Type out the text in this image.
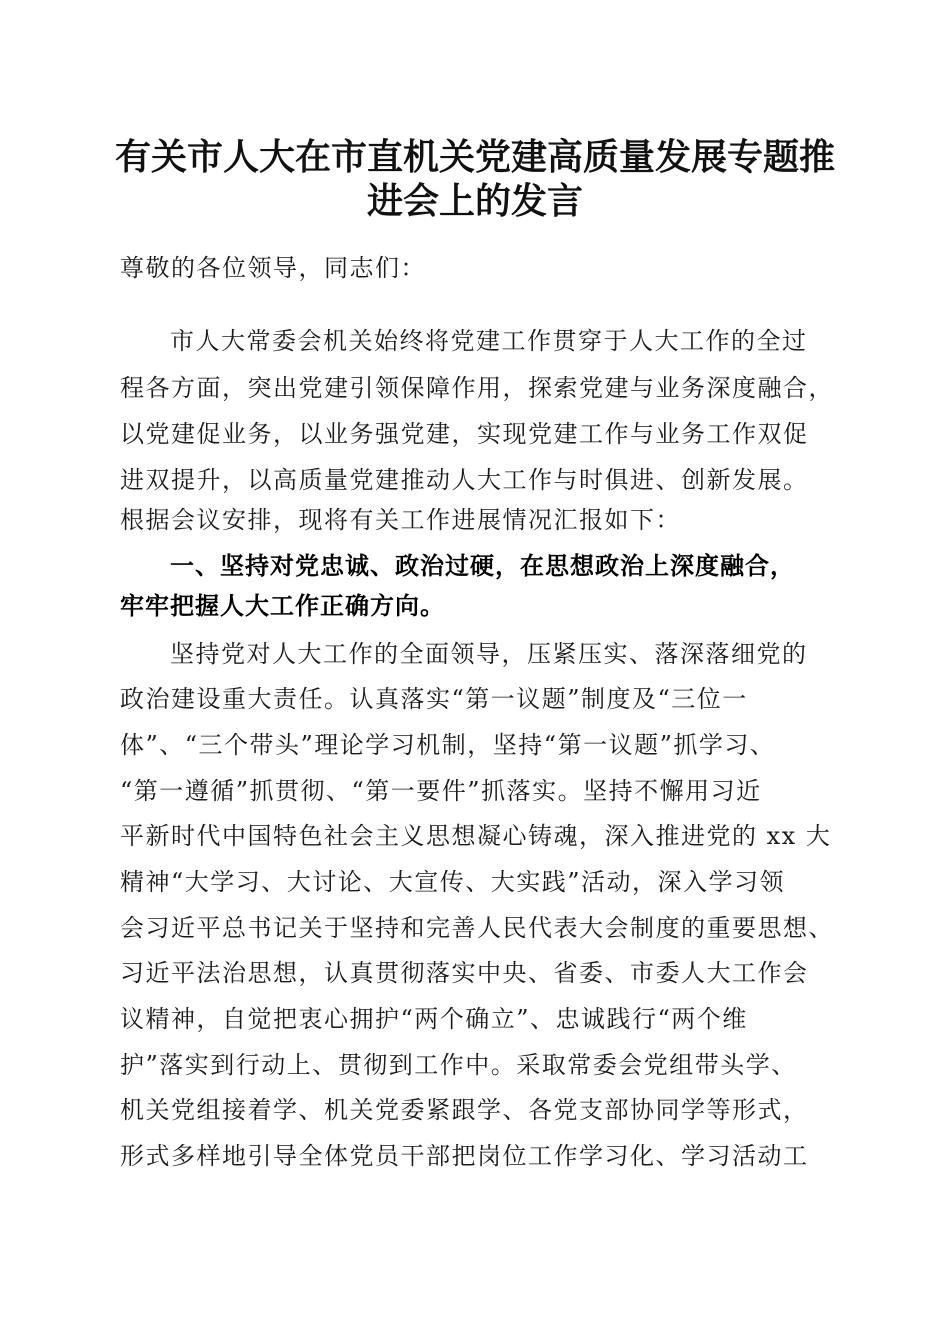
有关市人大在市直机关党建高质量发展专题推
进会上的发言

尊敬的各位领导，同志们：

市人大常委会机关始终将党建工作贯穿于人大工作的全过

程各方面，突出党建引领保障作用，探索党建与业务深度融合，

以党建促业务，以业务强党建，实现党建工作与业务工作双促

进双提升，以高质量党建推动人大工作与时俱进、创新发展。

根据会议安排，现将有关工作进展情况汇报如下：

一、坚持对党忠诚、政治过硬，在思想政治上深度融合，

牢牢把握人大工作正确方向。

坚持党对人大工作的全面领导，压紧压实、落深落细党的

政治建设重大责任。认真落实“第一议题”制度及“三位一

体”、“三个带头”理论学习机制，坚持“第一议题”抓学习、

“第一遵循”抓贯彻、“第一要件”抓落实。坚持不懈用习近

平新时代中国特色社会主义思想凝心铸魂，深入推进党的 xx 大

精神“大学习、大讨论、大宣传、大实践”活动，深入学习领

会习近平总书记关于坚持和完善人民代表大会制度的重要思想、

习近平法治思想，认真贯彻落实中央、省委、市委人大工作会

议精神，自觉把衷心拥护“两个确立”、忠诚践行“两个维

护”落实到行动上、贯彻到工作中。采取常委会党组带头学、

机关党组接着学、机关党委紧跟学、各党支部协同学等形式，

形式多样地引导全体党员干部把岗位工作学习化、学习活动工
